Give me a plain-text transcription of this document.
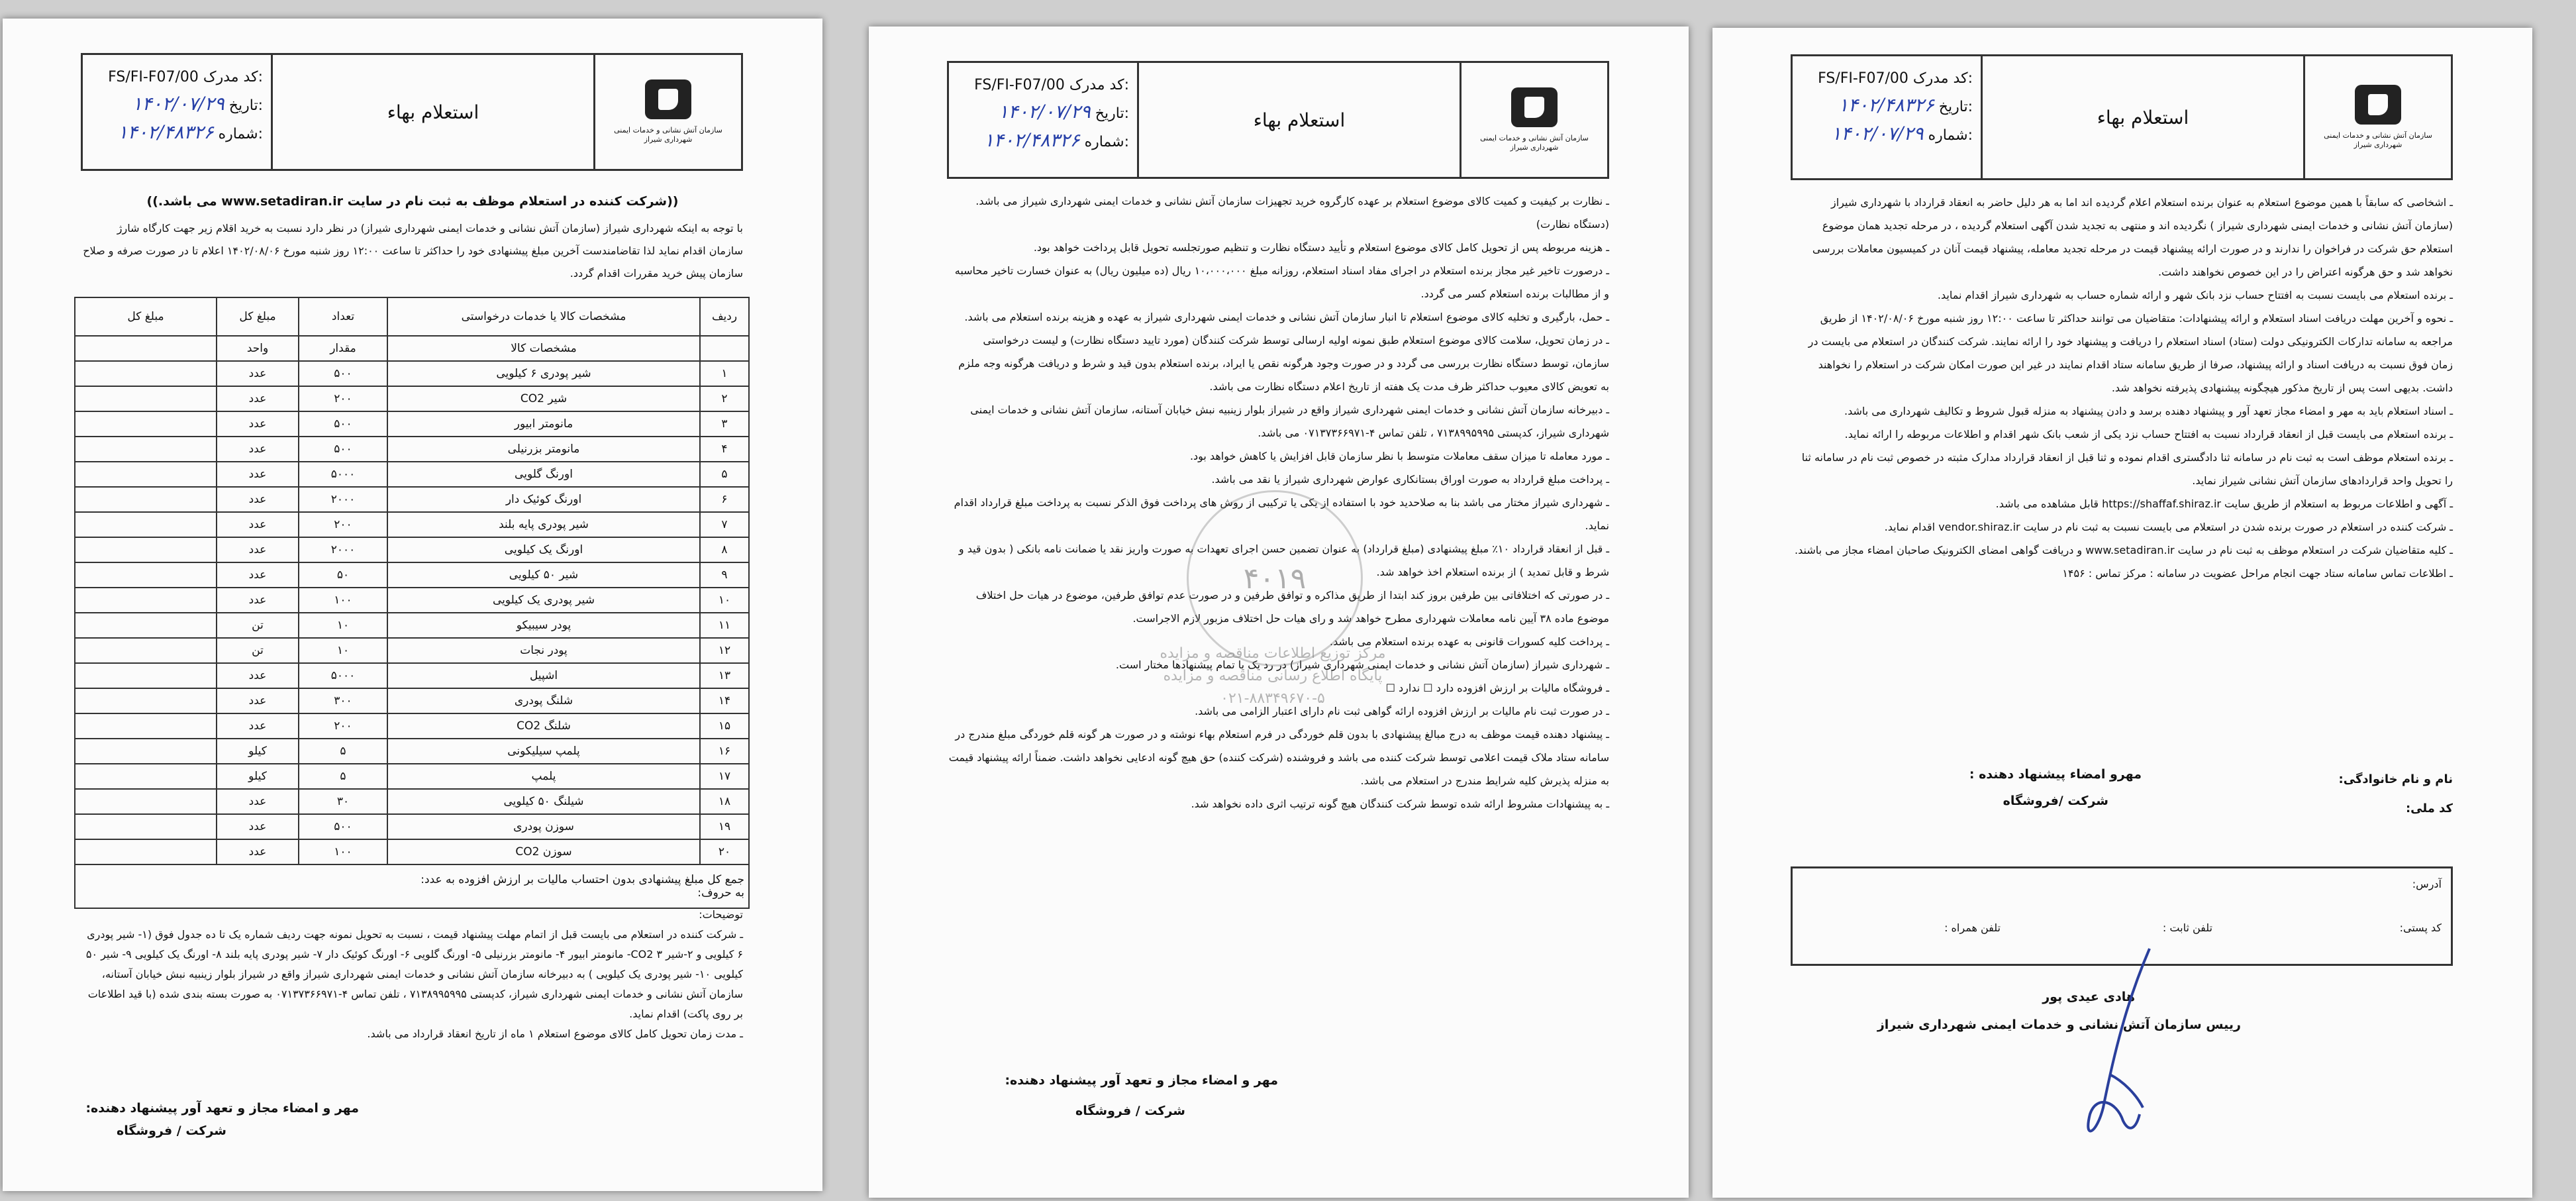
سازمان آتش نشانی و خدمات ایمنی شهرداری شیراز
استعلام بهاء
FS/FI-F07/00 کد مدرک:
۱۴۰۲/۰۷/۲۹ تاریخ:
۱۴۰۲/۴۸۳۲۶ شماره:
((شرکت کننده در استعلام موظف به ثبت نام در سایت www.setadiran.ir می باشد.))
با توجه به اینکه شهرداری شیراز (سازمان آتش نشانی و خدمات ایمنی شهرداری شیراز) در نظر دارد نسبت به خرید اقلام زیر جهت کارگاه شارژ سازمان اقدام نماید لذا تقاضامندست آخرین مبلغ پیشنهادی خود را حداکثر تا ساعت ۱۲:۰۰ روز شنبه مورخ ۱۴۰۲/۰۸/۰۶ اعلام تا در صورت صرفه و صلاح سازمان پیش خرید مقررات اقدام گردد.
ردیف	مشخصات کالا یا خدمات درخواستی	تعداد	مبلغ کل	مبلغ کل
	مشخصات کالا	مقدار	واحد	
۱	شیر پودری ۶ کیلویی	۵۰۰	عدد	
۲	شیر CO2	۲۰۰	عدد	
۳	مانومتر ابیور	۵۰۰	عدد	
۴	مانومتر بزرنیلی	۵۰۰	عدد	
۵	اورنگ گلویی	۵۰۰۰	عدد	
۶	اورنگ کوئیک دار	۲۰۰۰	عدد	
۷	شیر پودری پایه بلند	۲۰۰	عدد	
۸	اورنگ یک کیلویی	۲۰۰۰	عدد	
۹	شیر ۵۰ کیلویی	۵۰	عدد	
۱۰	شیر پودری یک کیلویی	۱۰۰	عدد	
۱۱	پودر سیبیکو	۱۰	تن	
۱۲	پودر نجات	۱۰	تن	
۱۳	اشپیل	۵۰۰۰	عدد	
۱۴	شلنگ پودری	۳۰۰	عدد	
۱۵	شلنگ CO2	۲۰۰	عدد	
۱۶	پلمپ سیلیکونی	۵	کیلو	
۱۷	پلمپ	۵	کیلو	
۱۸	شیلنگ ۵۰ کیلویی	۳۰	عدد	
۱۹	سوزن پودری	۵۰۰	عدد	
۲۰	سوزن CO2	۱۰۰	عدد	

جمع کل مبلغ پیشنهادی بدون احتساب مالیات بر ارزش افزوده به عدد:
به حروف:				

توضیحات:

ـ شرکت کننده در استعلام می بایست قبل از اتمام مهلت پیشنهاد قیمت ، نسبت به تحویل نمونه جهت ردیف شماره یک تا ده جدول فوق (۱- شیر پودری ۶ کیلویی و ۲-شیر CO2 ۳- مانومتر ابیور ۴- مانومتر بزرنیلی ۵- اورنگ گلویی ۶- اورنگ کوئیک دار ۷- شیر پودری پایه بلند ۸- اورنگ یک کیلویی ۹- شیر ۵۰ کیلویی ۱۰- شیر پودری یک کیلویی ) به دبیرخانه سازمان آتش نشانی و خدمات ایمنی شهرداری شیراز واقع در شیراز بلوار زینبیه نبش خیابان آستانه، سازمان آتش نشانی و خدمات ایمنی شهرداری شیراز، کدپستی ۷۱۳۸۹۹۵۹۹۵ ، تلفن تماس ۴-۰۷۱۳۷۳۶۶۹۷۱ به صورت بسته بندی شده (با قید اطلاعات بر روی پاکت) اقدام نماید.

ـ مدت زمان تحویل کامل کالای موضوع استعلام ۱ ماه از تاریخ انعقاد قرارداد می باشد.

مهر و امضاء مجاز و تعهد آور پیشنهاد دهنده:
شرکت / فروشگاه
سازمان آتش نشانی و خدمات ایمنی شهرداری شیراز
استعلام بهاء
FS/FI-F07/00 کد مدرک:
۱۴۰۲/۰۷/۲۹ تاریخ:
۱۴۰۲/۴۸۳۲۶ شماره:

ـ نظارت بر کیفیت و کمیت کالای موضوع استعلام بر عهده کارگروه خرید تجهیزات سازمان آتش نشانی و خدمات ایمنی شهرداری شیراز می باشد. (دستگاه نظارت)

ـ هزینه مربوطه پس از تحویل کامل کالای موضوع استعلام و تأیید دستگاه نظارت و تنظیم صورتجلسه تحویل قابل پرداخت خواهد بود.

ـ درصورت تاخیر غیر مجاز برنده استعلام در اجرای مفاد اسناد استعلام، روزانه مبلغ ۱۰،۰۰۰،۰۰۰ ریال (ده میلیون ریال) به عنوان خسارت تاخیر محاسبه و از مطالبات برنده استعلام کسر می گردد.

ـ حمل، بارگیری و تخلیه کالای موضوع استعلام تا انبار سازمان آتش نشانی و خدمات ایمنی شهرداری شیراز به عهده و هزینه برنده استعلام می باشد.

ـ در زمان تحویل، سلامت کالای موضوع استعلام طبق نمونه اولیه ارسالی توسط شرکت کنندگان (مورد تایید دستگاه نظارت) و لیست درخواستی سازمان، توسط دستگاه نظارت بررسی می گردد و در صورت وجود هرگونه نقص یا ایراد، برنده استعلام بدون قید و شرط و دریافت هرگونه وجه ملزم به تعویض کالای معیوب حداکثر ظرف مدت یک هفته از تاریخ اعلام دستگاه نظارت می باشد.

ـ دبیرخانه سازمان آتش نشانی و خدمات ایمنی شهرداری شیراز واقع در شیراز بلوار زینبیه نبش خیابان آستانه، سازمان آتش نشانی و خدمات ایمنی شهرداری شیراز، کدپستی ۷۱۳۸۹۹۵۹۹۵ ، تلفن تماس ۴-۰۷۱۳۷۳۶۶۹۷۱ می باشد.

ـ مورد معامله تا میزان سقف معاملات متوسط با نظر سازمان قابل افزایش یا کاهش خواهد بود.

ـ پرداخت مبلغ قرارداد به صورت اوراق بستانکاری عوارض شهرداری شیراز یا نقد می باشد.

ـ شهرداری شیراز مختار می باشد بنا به صلاحدید خود با استفاده از یکی یا ترکیبی از روش های پرداخت فوق الذکر نسبت به پرداخت مبلغ قرارداد اقدام نماید.

ـ قبل از انعقاد قرارداد ۱۰٪ مبلغ پیشنهادی (مبلغ قرارداد) به عنوان تضمین حسن اجرای تعهدات به صورت واریز نقد یا ضمانت نامه بانکی ( بدون قید و شرط و قابل تمدید ) از برنده استعلام اخذ خواهد شد.

ـ در صورتی که اختلافاتی بین طرفین بروز کند ابتدا از طریق مذاکره و توافق طرفین و در صورت عدم توافق طرفین، موضوع در هیات حل اختلاف موضوع ماده ۳۸ آیین نامه معاملات شهرداری مطرح خواهد شد و رای هیات حل اختلاف مزبور لازم الاجراست.

ـ پرداخت کلیه کسورات قانونی به عهده برنده استعلام می باشد.

ـ شهرداری شیراز (سازمان آتش نشانی و خدمات ایمنی شهرداری شیراز) در رد یک یا تمام پیشنهادها مختار است.

ـ فروشگاه مالیات بر ارزش افزوده دارد ☐ ندارد ☐

ـ در صورت ثبت نام مالیات بر ارزش افزوده ارائه گواهی ثبت نام دارای اعتبار الزامی می باشد.

ـ پیشنهاد دهنده قیمت موظف به درج مبالغ پیشنهادی با بدون قلم خوردگی در فرم استعلام بهاء نوشته و در صورت هر گونه قلم خوردگی مبلغ مندرج در سامانه ستاد ملاک قیمت اعلامی توسط شرکت کننده می باشد و فروشنده (شرکت کننده) حق هیچ گونه ادعایی نخواهد داشت. ضمناً ارائه پیشنهاد قیمت به منزله پذیرش کلیه شرایط مندرج در استعلام می باشد.

ـ به پیشنهادات مشروط ارائه شده توسط شرکت کنندگان هیچ گونه ترتیب اثری داده نخواهد شد.

۴۰۱۹
مرکز توزیع اطلاعات مناقصه و مزایده
پایگاه اطلاع رسانی مناقصه و مزایده
۰۲۱-۸۸۳۴۹۶۷۰-۵
مهر و امضاء مجاز و تعهد آور پیشنهاد دهنده:
شرکت / فروشگاه
سازمان آتش نشانی و خدمات ایمنی شهرداری شیراز
استعلام بهاء
FS/FI-F07/00 کد مدرک:
۱۴۰۲/۴۸۳۲۶ تاریخ:
۱۴۰۲/۰۷/۲۹ شماره:

ـ اشخاصی که سابقاً با همین موضوع استعلام به عنوان برنده استعلام اعلام گردیده اند اما به هر دلیل حاضر به انعقاد قرارداد با شهرداری شیراز (سازمان آتش نشانی و خدمات ایمنی شهرداری شیراز ) نگردیده اند و منتهی به تجدید شدن آگهی استعلام گردیده ، در مرحله تجدید همان موضوع استعلام حق شرکت در فراخوان را ندارند و در صورت ارائه پیشنهاد قیمت در مرحله تجدید معامله، پیشنهاد قیمت آنان در کمیسیون معاملات بررسی نخواهد شد و حق هرگونه اعتراض را در این خصوص نخواهند داشت.

ـ برنده استعلام می بایست نسبت به افتتاح حساب نزد بانک شهر و ارائه شماره حساب به شهرداری شیراز اقدام نماید.

ـ نحوه و آخرین مهلت دریافت اسناد استعلام و ارائه پیشنهادات: متقاضیان می توانند حداکثر تا ساعت ۱۲:۰۰ روز شنبه مورخ ۱۴۰۲/۰۸/۰۶ از طریق مراجعه به سامانه تدارکات الکترونیکی دولت (ستاد) اسناد استعلام را دریافت و پیشنهاد خود را ارائه نمایند. شرکت کنندگان در استعلام می بایست در زمان فوق نسبت به دریافت اسناد و ارائه پیشنهاد، صرفا از طریق سامانه ستاد اقدام نمایند در غیر این صورت امکان شرکت در استعلام را نخواهند داشت. بدیهی است پس از تاریخ مذکور هیچگونه پیشنهادی پذیرفته نخواهد شد.

ـ اسناد استعلام باید به مهر و امضاء مجاز تعهد آور و پیشنهاد دهنده برسد و دادن پیشنهاد به منزله قبول شروط و تکالیف شهرداری می باشد.

ـ برنده استعلام می بایست قبل از انعقاد قرارداد نسبت به افتتاح حساب نزد یکی از شعب بانک شهر اقدام و اطلاعات مربوطه را ارائه نماید.

ـ برنده استعلام موظف است به ثبت نام در سامانه ثنا دادگستری اقدام نموده و ثنا قبل از انعقاد قرارداد مدارک مثبته در خصوص ثبت نام در سامانه ثنا را تحویل واحد قراردادهای سازمان آتش نشانی شیراز نماید.

ـ آگهی و اطلاعات مربوط به استعلام از طریق سایت https://shaffaf.shiraz.ir قابل مشاهده می باشد.

ـ شرکت کننده در استعلام در صورت برنده شدن در استعلام می بایست نسبت به ثبت نام در سایت vendor.shiraz.ir اقدام نماید.

ـ کلیه متقاضیان شرکت در استعلام موظف به ثبت نام در سایت www.setadiran.ir و دریافت گواهی امضای الکترونیک صاحبان امضاء مجاز می باشند.

ـ اطلاعات تماس سامانه ستاد جهت انجام مراحل عضویت در سامانه : مرکز تماس : ۱۴۵۶

نام و نام خانوادگی:
کد ملی:
مهرو امضاء پیشنهاد دهنده :
شرکت /فروشگاه
آدرس:
کد پستی:
تلفن ثابت :
تلفن همراه :
هادی عیدی پور
رییس سازمان آتش نشانی و خدمات ایمنی شهرداری شیراز
